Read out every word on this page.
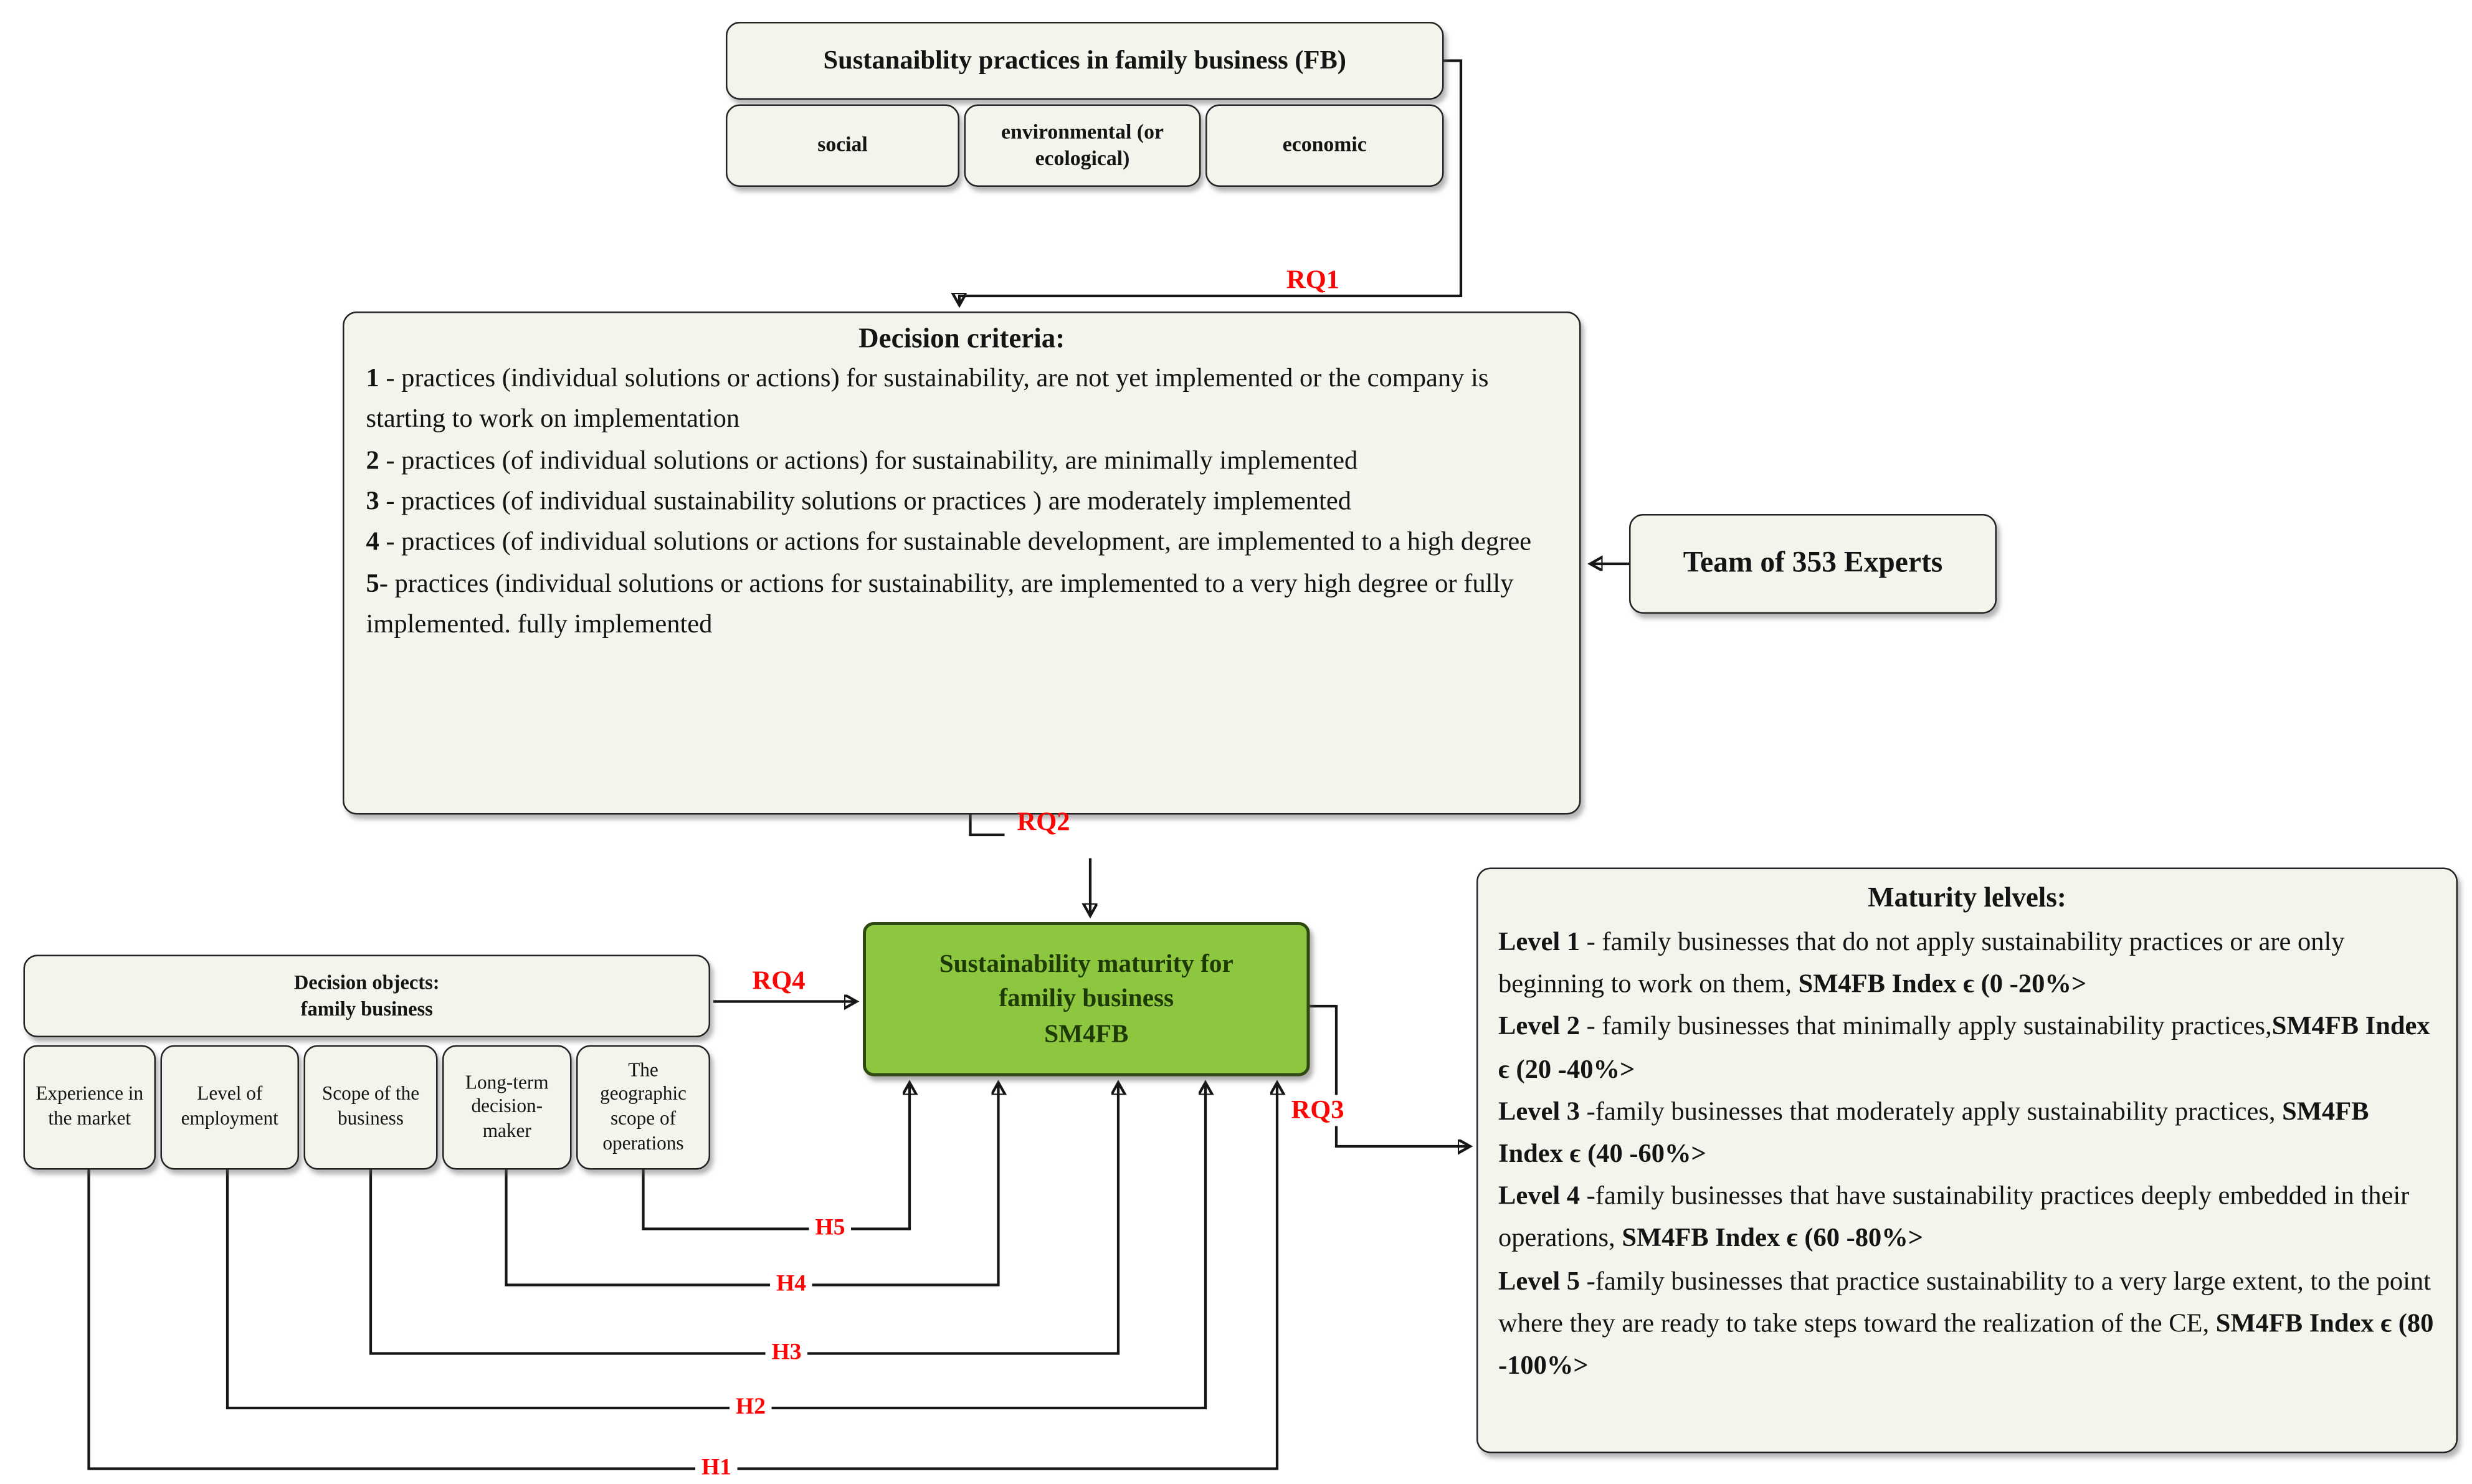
Sustanaiblity practices in family business (FB)
social
environmental (or ecological)
economic
Decision criteria:
1 - practices (individual solutions or actions) for sustainability, are not yet implemented or the company is starting to work on implementation
2 - practices (of individual solutions or actions) for sustainability, are minimally implemented
3 - practices (of individual sustainability solutions or practices ) are moderately implemented
4 - practices (of individual solutions or actions for sustainable development, are implemented to a high degree
5- practices (individual solutions or actions for sustainability, are implemented to a very high degree or fully implemented. fully implemented
Team of 353 Experts
Sustainability maturity for
familiy business
SM4FB
Decision objects:
family business
Experience in the market
Level of employment
Scope of the business
Long-term decision-maker
The geographic scope of operations
Maturity lelvels:
Level 1 - family businesses that do not apply sustainability practices or are only beginning to work on them, SM4FB Index ϵ (0 -20%>
Level 2 - family businesses that minimally apply sustainability practices,SM4FB Index ϵ (20 -40%>
Level 3 -family businesses that moderately apply sustainability practices, SM4FB Index ϵ (40 -60%>
Level 4 -family businesses that have sustainability practices deeply embedded in their operations, SM4FB Index ϵ (60 -80%>
Level 5 -family businesses that practice sustainability to a very large extent, to the point where they are ready to take steps toward the realization of the CE, SM4FB Index ϵ (80 -100%>
RQ1
RQ2
RQ3
RQ4
H5
H4
H3
H2
H1
